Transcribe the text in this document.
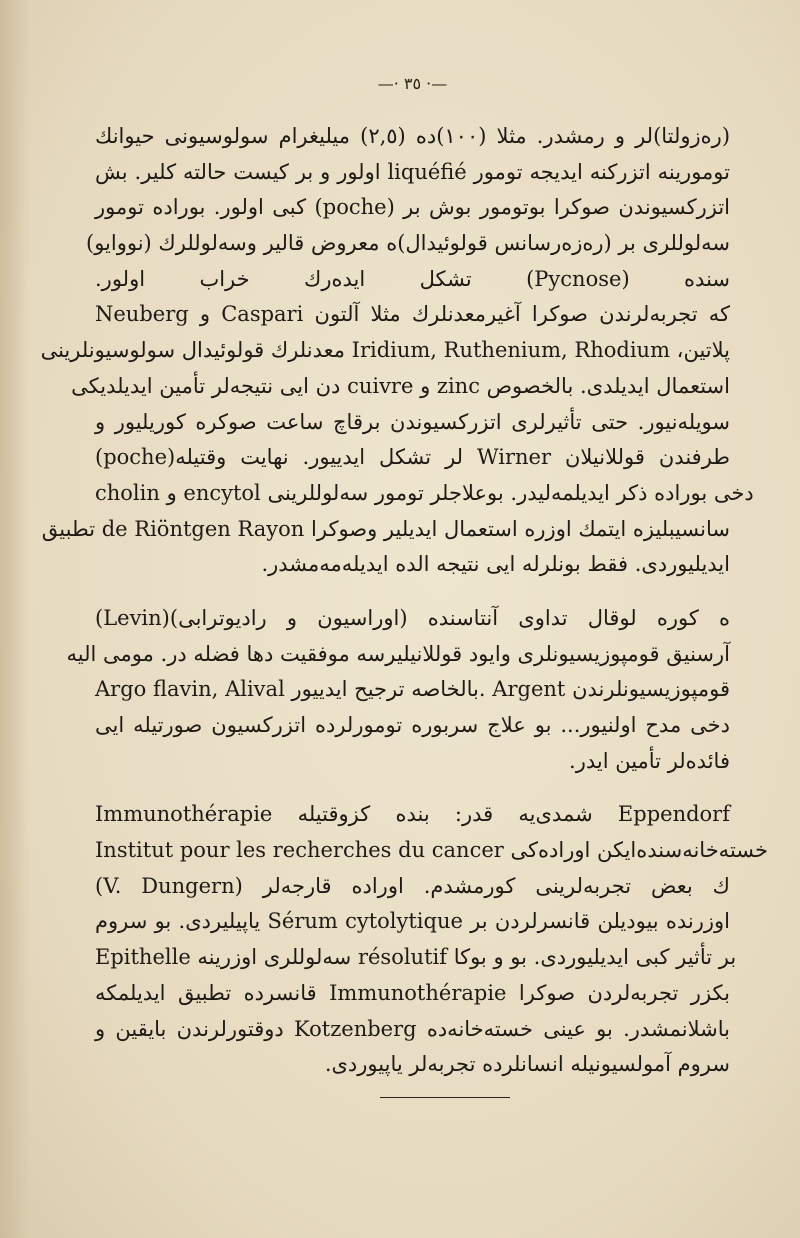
—· ٣٥ ·—
(ره‌زولتا)لر و رمشدر. مثلا (١٠٠)ده (٢,٥) میلیغرام سولوسیونی حیوانك
تومورینه اتزرکنه ایدیجه تومور liquéfié اولور و بر کیست حالته کلیر. بش
اتزرکسیوندن صوکرا بوتومور بوش بر (poche) کبی اولور. بوراده تومور
سه‌لوللری بر (ره‌زه‌رسانس قولوئیدال)ه معروض قالیر وسه‌لوللرك (نووایو)
سنده (Pycnose) تشکل ایده‌رك خراب اولور.
Neuberg و Caspari كه تجربه‌لرندن صوکرا آغیرمعدنلرك مثلا آلتون
پلاتین، Iridium, Ruthenium, Rhodium معدنلرك قولوئیدال سولوسیونلرینی
استعمال ایدیلدی. بالخصوص zinc و cuivre دن ایی نتیجه‌لر تأمین ایدیلدیکی
سویله‌نیور. حتی تأثیرلری اتزرکسیوندن برقاچ ساعت صوکره کوریلیور و
(poche)لر تشکل ایدییور. نهایت وقتیله Wirner طرفندن قوللانیلان
cholin و encytol دخی بوراده ذکر ایدیلمه‌لیدر. بوعلاجلر تومور سه‌لوللرینی
سانسیبلیزه ایتمك اوزره استعمال ایدیلیر وصوکرا de Riöntgen Rayon تطبیق
ایدیلیوردی. فقط بونلرله ایی نتیجه الده ایدیله‌مه‌مشدر.
(Levin)ه کوره لوقال تداوی آنتاسنده (اوراسیون و رادیوترابی)
آرسنیق قومپوزیسیونلری وایود قوللانیلیرسه موفقیت دها فضله در. مومی الیه
Argo flavin, Alival بالخاصه ترجیح ایدییور. Argent قومپوزیسیونلرندن
دخی مدح اولنیور... بو علاج سربوره تومورلرده اتزرکسیون صورتیله ایی
فائده‌لر تأمین ایدر.
Immunothérapie شمدی‌یه قدر: بنده کزوقتیله Eppendorf
Institut pour les recherches du cancer خسته‌خانه‌سنده‌ایکن اوراده‌کی
(V. Dungern) ك بعض تجربه‌لرینی کورمشدم. اوراده قارجه‌لر
اوزرنده بیودیلن قانسرلردن بر Sérum cytolytique یاپیلیردی. بو سروم
Epithelle سه‌لوللری اوزرینه résolutif بر تأثیر کبی ایدیلیوردی. بو و بوکا
بکزر تجربه‌لردن صوکرا Immunothérapie قانسرده تطبیق ایدیلمکه
باشلانمشدر. بو عینی خسته‌خانه‌ده Kotzenberg دوقتورلرندن بایقین و
سروم آمولسیونیله انسانلرده تجربه‌لر یاپیوردی.
